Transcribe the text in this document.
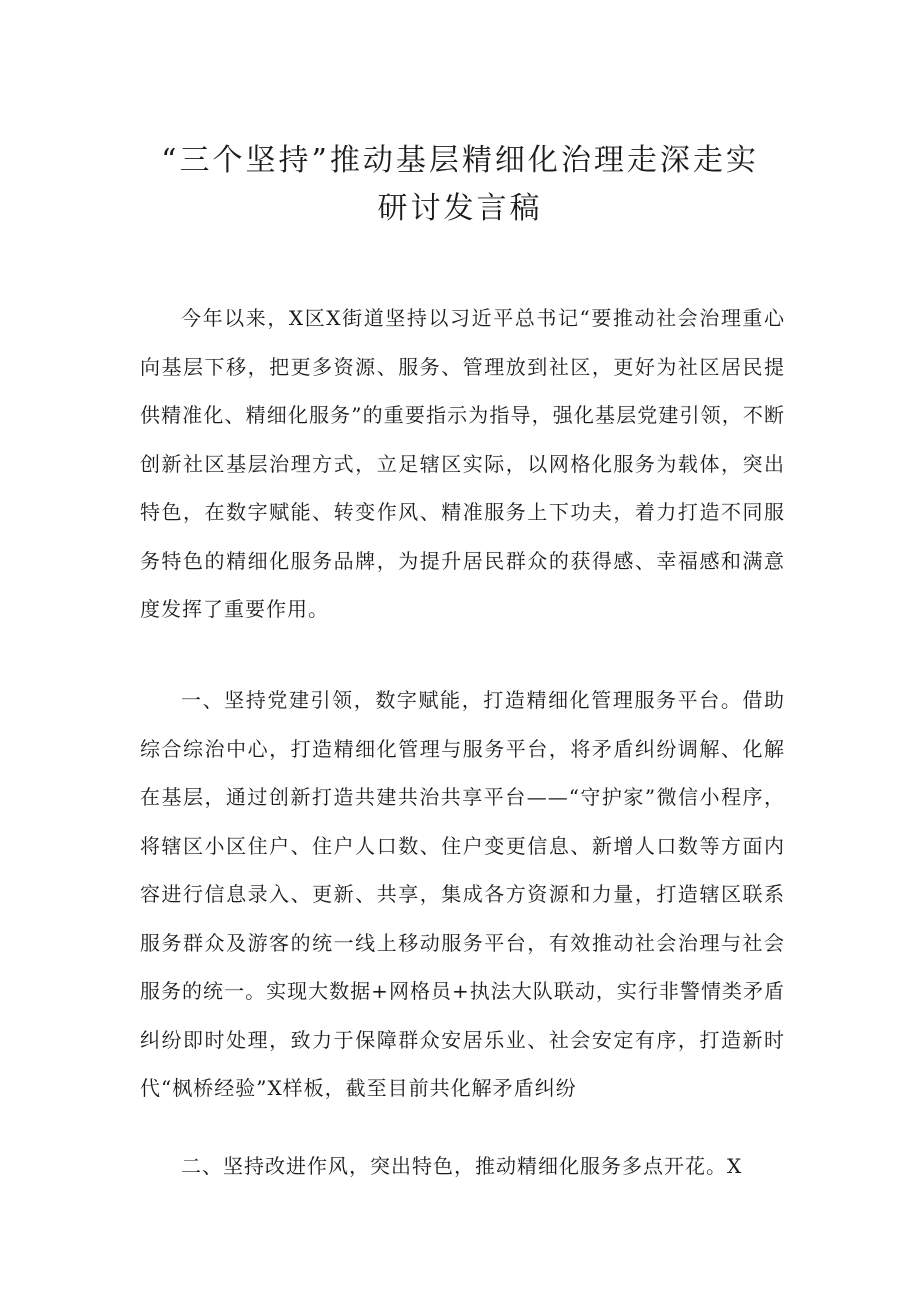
“三个坚持”推动基层精细化治理走深走实
研讨发言稿

今年以来，X区X街道坚持以习近平总书记“要推动社会治理重心向基层下移，把更多资源、服务、管理放到社区，更好为社区居民提供精准化、精细化服务”的重要指示为指导，强化基层党建引领，不断创新社区基层治理方式，立足辖区实际，以网格化服务为载体，突出特色，在数字赋能、转变作风、精准服务上下功夫，着力打造不同服务特色的精细化服务品牌，为提升居民群众的获得感、幸福感和满意度发挥了重要作用。

一、坚持党建引领，数字赋能，打造精细化管理服务平台。借助综合综治中心，打造精细化管理与服务平台，将矛盾纠纷调解、化解在基层，通过创新打造共建共治共享平台——“守护家”微信小程序，将辖区小区住户、住户人口数、住户变更信息、新增人口数等方面内容进行信息录入、更新、共享，集成各方资源和力量，打造辖区联系服务群众及游客的统一线上移动服务平台，有效推动社会治理与社会服务的统一。实现大数据+网格员+执法大队联动，实行非警情类矛盾纠纷即时处理，致力于保障群众安居乐业、社会安定有序，打造新时代“枫桥经验”X样板，截至目前共化解矛盾纠纷

二、坚持改进作风，突出特色，推动精细化服务多点开花。X
